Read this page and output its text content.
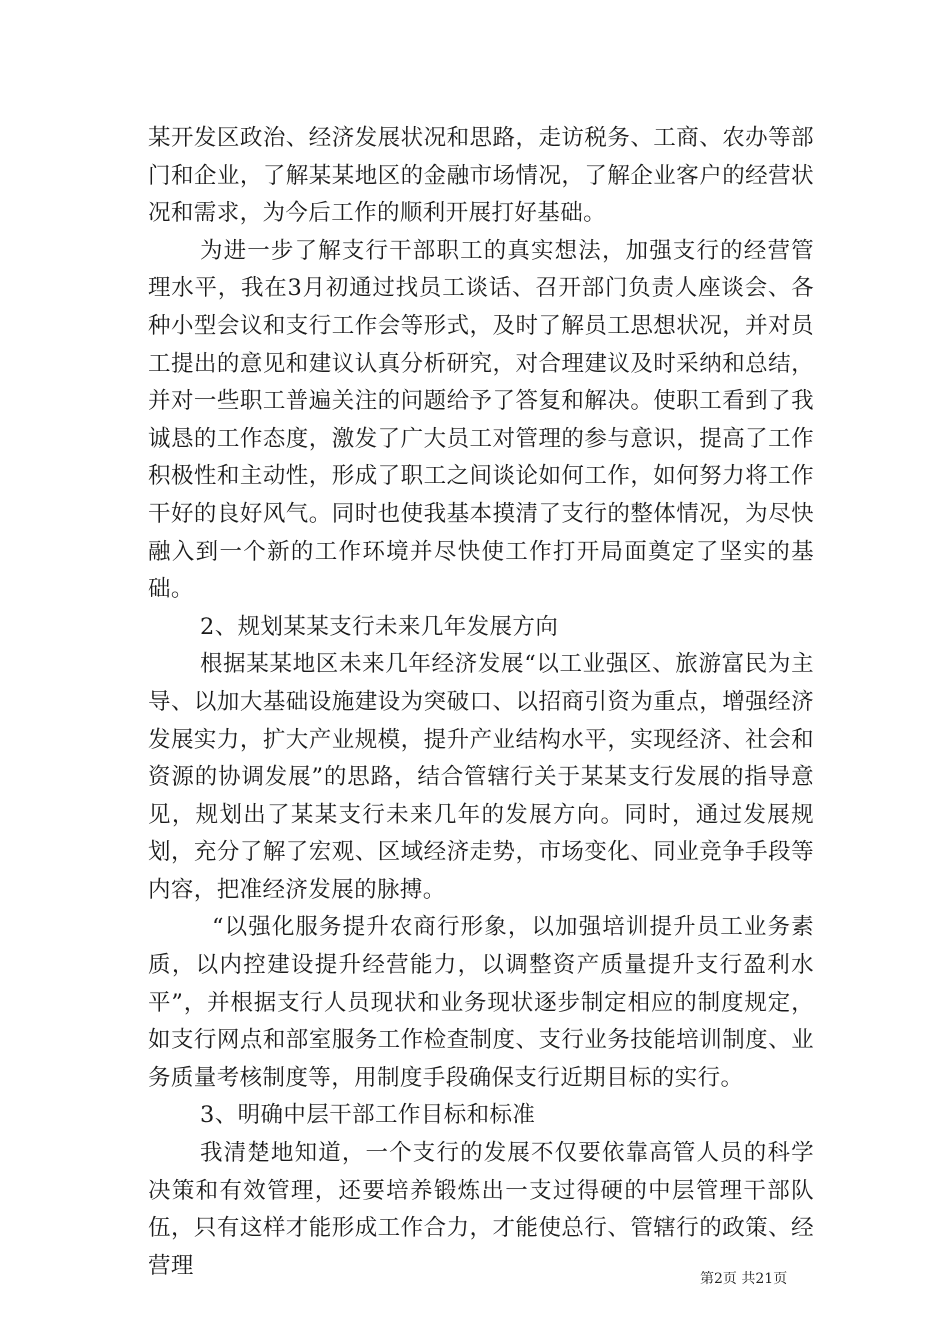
某开发区政治、经济发展状况和思路，走访税务、工商、农办等部门和企业，了解某某地区的金融市场情况，了解企业客户的经营状况和需求，为今后工作的顺利开展打好基础。

为进一步了解支行干部职工的真实想法，加强支行的经营管理水平，我在3月初通过找员工谈话、召开部门负责人座谈会、各种小型会议和支行工作会等形式，及时了解员工思想状况，并对员工提出的意见和建议认真分析研究，对合理建议及时采纳和总结，并对一些职工普遍关注的问题给予了答复和解决。使职工看到了我诚恳的工作态度，激发了广大员工对管理的参与意识，提高了工作积极性和主动性，形成了职工之间谈论如何工作，如何努力将工作干好的良好风气。同时也使我基本摸清了支行的整体情况，为尽快融入到一个新的工作环境并尽快使工作打开局面奠定了坚实的基础。

2、规划某某支行未来几年发展方向

根据某某地区未来几年经济发展“以工业强区、旅游富民为主导、以加大基础设施建设为突破口、以招商引资为重点，增强经济发展实力，扩大产业规模，提升产业结构水平，实现经济、社会和资源的协调发展”的思路，结合管辖行关于某某支行发展的指导意见，规划出了某某支行未来几年的发展方向。同时，通过发展规划，充分了解了宏观、区域经济走势，市场变化、同业竞争手段等内容，把准经济发展的脉搏。

“以强化服务提升农商行形象，以加强培训提升员工业务素质，以内控建设提升经营能力，以调整资产质量提升支行盈利水平”，并根据支行人员现状和业务现状逐步制定相应的制度规定，如支行网点和部室服务工作检查制度、支行业务技能培训制度、业务质量考核制度等，用制度手段确保支行近期目标的实行。

3、明确中层干部工作目标和标准

我清楚地知道，一个支行的发展不仅要依靠高管人员的科学决策和有效管理，还要培养锻炼出一支过得硬的中层管理干部队伍，只有这样才能形成工作合力，才能使总行、管辖行的政策、经营理

第2页 共21页
